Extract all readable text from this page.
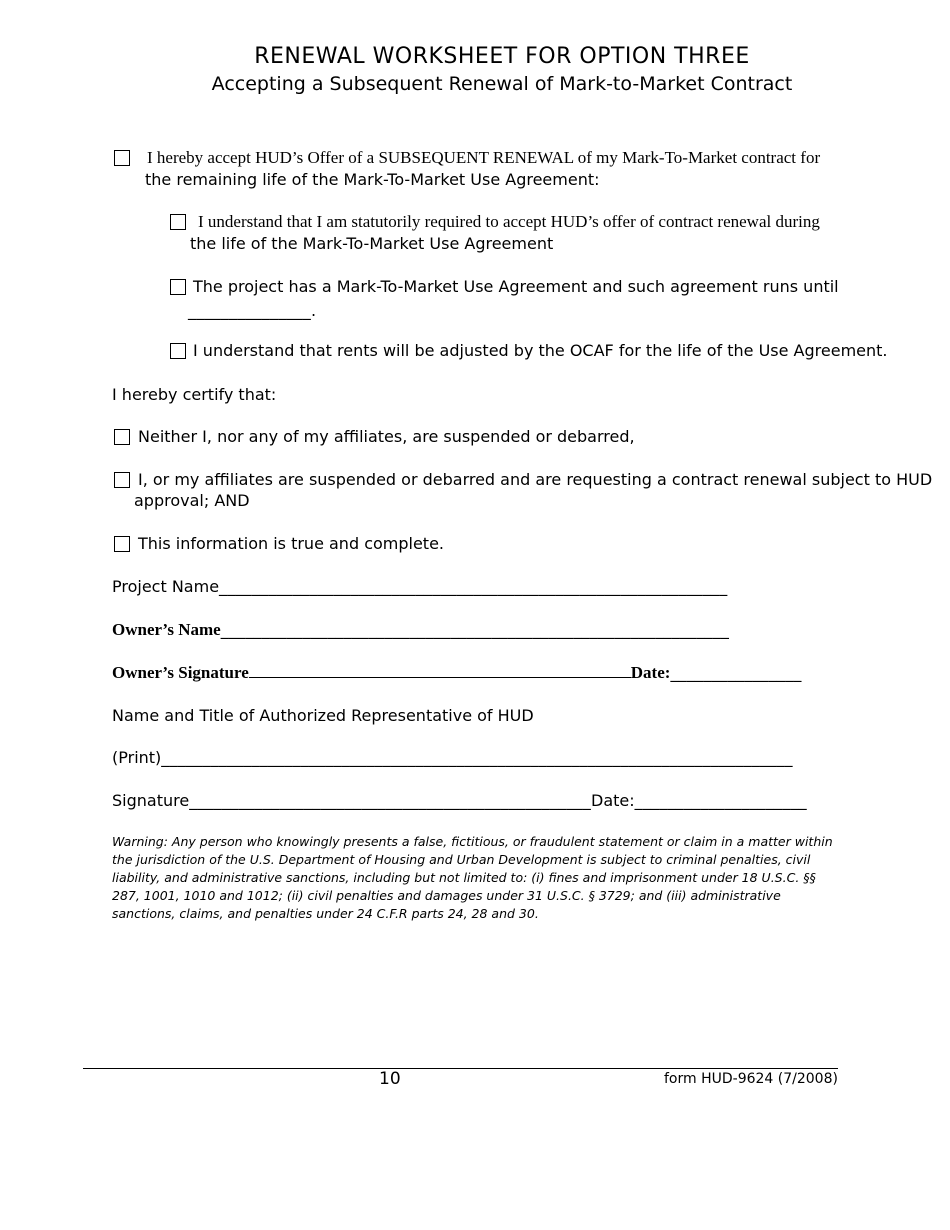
RENEWAL WORKSHEET FOR OPTION THREE
Accepting a Subsequent Renewal of Mark-to-Market Contract
I hereby accept HUD’s Offer of a SUBSEQUENT RENEWAL of my Mark-To-Market contract for
the remaining life of the Mark-To-Market Use Agreement:
I understand that I am statutorily required to accept HUD’s offer of contract renewal during
the life of the Mark-To-Market Use Agreement
The project has a Mark-To-Market Use Agreement and such agreement runs until
_______________.
I understand that rents will be adjusted by the OCAF for the life of the Use Agreement.
I hereby certify that:
Neither I, nor any of my affiliates, are suspended or debarred,
I, or my affiliates are suspended or debarred and are requesting a contract renewal subject to HUD
approval; AND
This information is true and complete.
Project Name______________________________________________________________
Owner’s Name______________________________________________________________
Owner’s Signature	Date:________________
Name and Title of Authorized Representative of HUD
(Print)_____________________________________________________________________________
Signature_________________________________________________Date:_____________________
Warning: Any person who knowingly presents a false, fictitious, or fraudulent statement or claim in a matter within the jurisdiction of the U.S. Department of Housing and Urban Development is subject to criminal penalties, civil liability, and administrative sanctions, including but not limited to: (i) fines and imprisonment under 18 U.S.C. §§ 287, 1001, 1010 and 1012; (ii) civil penalties and damages under 31 U.S.C. § 3729; and (iii) administrative sanctions, claims, and penalties under 24 C.F.R parts 24, 28 and 30.
10	form HUD-9624 (7/2008)
